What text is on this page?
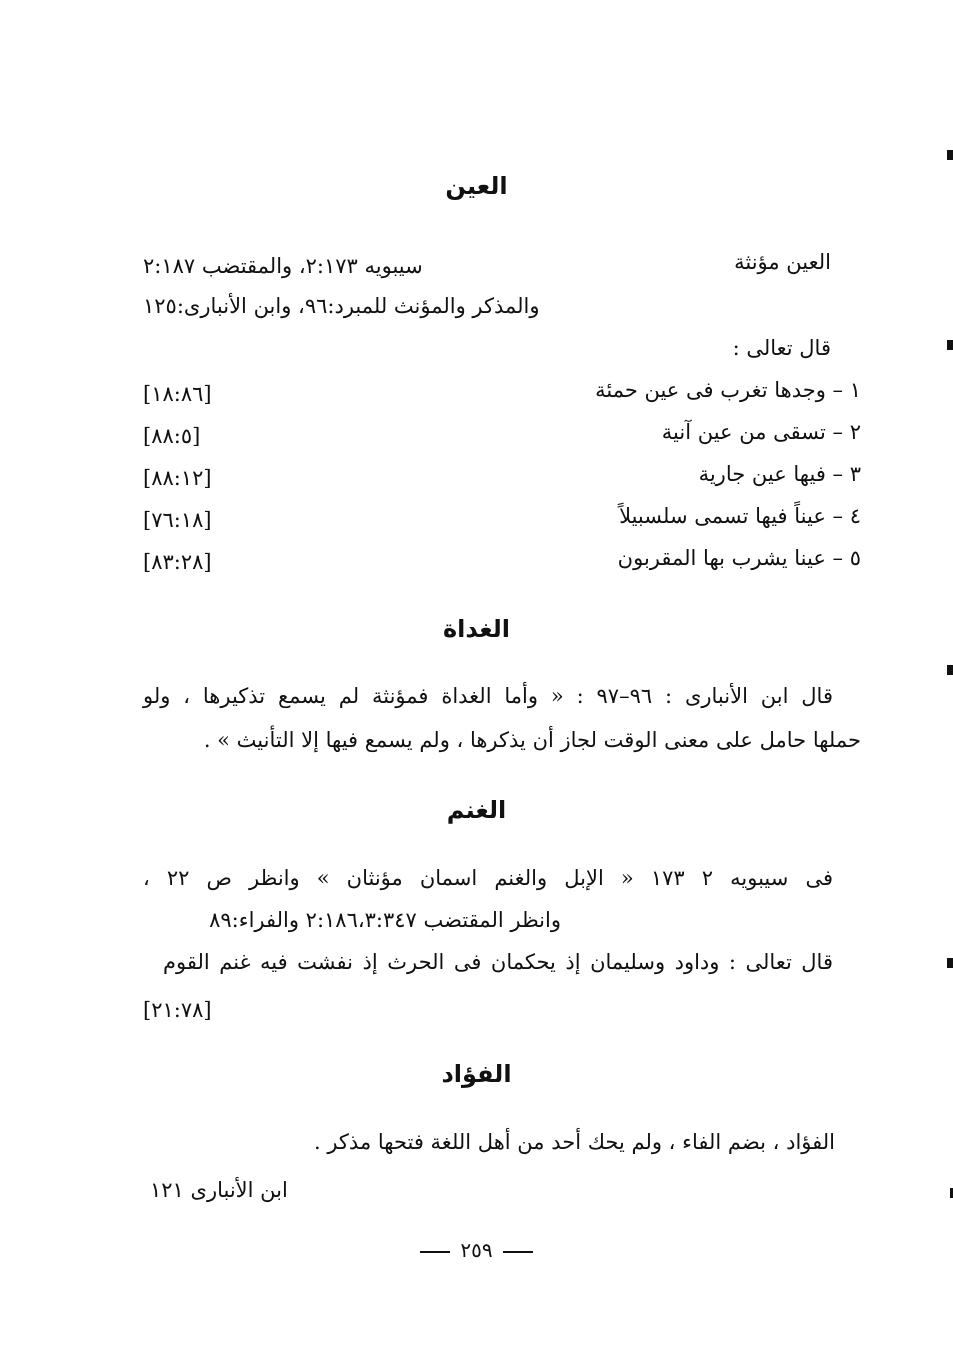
العين
العين مؤنثة
سيبويه ٢:١٧٣، والمقتضب ٢:١٨٧
والمذكر والمؤنث للمبرد:٩٦، وابن الأنبارى:١٢٥
قال تعالى :
١ – وجدها تغرب فى عين حمئة
[١٨:٨٦]
٢ – تسقى من عين آنية
[٨٨:٥]
٣ – فيها عين جارية
[٨٨:١٢]
٤ – عيناً فيها تسمى سلسبيلاً
[٧٦:١٨]
٥ – عينا يشرب بها المقربون
[٨٣:٢٨]
الغداة
قال ابن الأنبارى : ٩٦–٩٧ : « وأما الغداة فمؤنثة لم يسمع تذكيرها ، ولو
حملها حامل على معنى الوقت لجاز أن يذكرها ، ولم يسمع فيها إلا التأنيث » .
الغنم
فى سيبويه ٢ ١٧٣ « الإبل والغنم اسمان مؤنثان » وانظر ص ٢٢ ،
وانظر المقتضب ٢:١٨٦،٣:٣٤٧ والفراء:٨٩
قال تعالى : وداود وسليمان إذ يحكمان فى الحرث إذ نفشت فيه غنم القوم
[٢١:٧٨]
الفؤاد
الفؤاد ، بضم الفاء ، ولم يحك أحد من أهل اللغة فتحها مذكر .
ابن الأنبارى ١٢١
٢٥٩
